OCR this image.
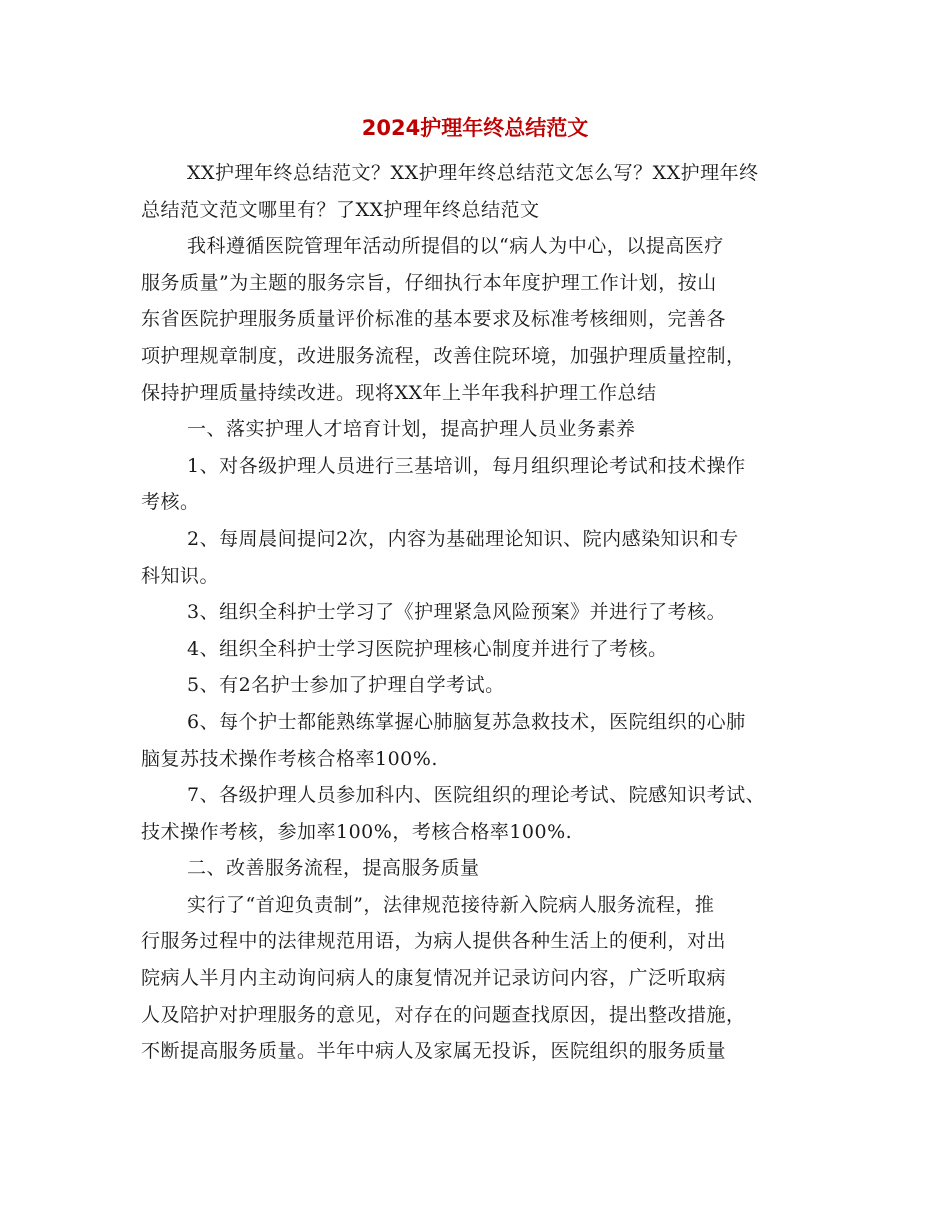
2024护理年终总结范文

XX护理年终总结范文？XX护理年终总结范文怎么写？XX护理年终
总结范文范文哪里有？了XX护理年终总结范文

我科遵循医院管理年活动所提倡的以“病人为中心，以提高医疗
服务质量”为主题的服务宗旨，仔细执行本年度护理工作计划，按山
东省医院护理服务质量评价标准的基本要求及标准考核细则，完善各
项护理规章制度，改进服务流程，改善住院环境，加强护理质量控制，
保持护理质量持续改进。现将XX年上半年我科护理工作总结

一、落实护理人才培育计划，提高护理人员业务素养

1、对各级护理人员进行三基培训，每月组织理论考试和技术操作
考核。

2、每周晨间提问2次，内容为基础理论知识、院内感染知识和专
科知识。

3、组织全科护士学习了《护理紧急风险预案》并进行了考核。

4、组织全科护士学习医院护理核心制度并进行了考核。

5、有2名护士参加了护理自学考试。

6、每个护士都能熟练掌握心肺脑复苏急救技术，医院组织的心肺
脑复苏技术操作考核合格率100%.

7、各级护理人员参加科内、医院组织的理论考试、院感知识考试、
技术操作考核，参加率100%，考核合格率100%.

二、改善服务流程，提高服务质量

实行了“首迎负责制”，法律规范接待新入院病人服务流程，推
行服务过程中的法律规范用语，为病人提供各种生活上的便利，对出
院病人半月内主动询问病人的康复情况并记录访问内容，广泛听取病
人及陪护对护理服务的意见，对存在的问题查找原因，提出整改措施，
不断提高服务质量。半年中病人及家属无投诉，医院组织的服务质量
